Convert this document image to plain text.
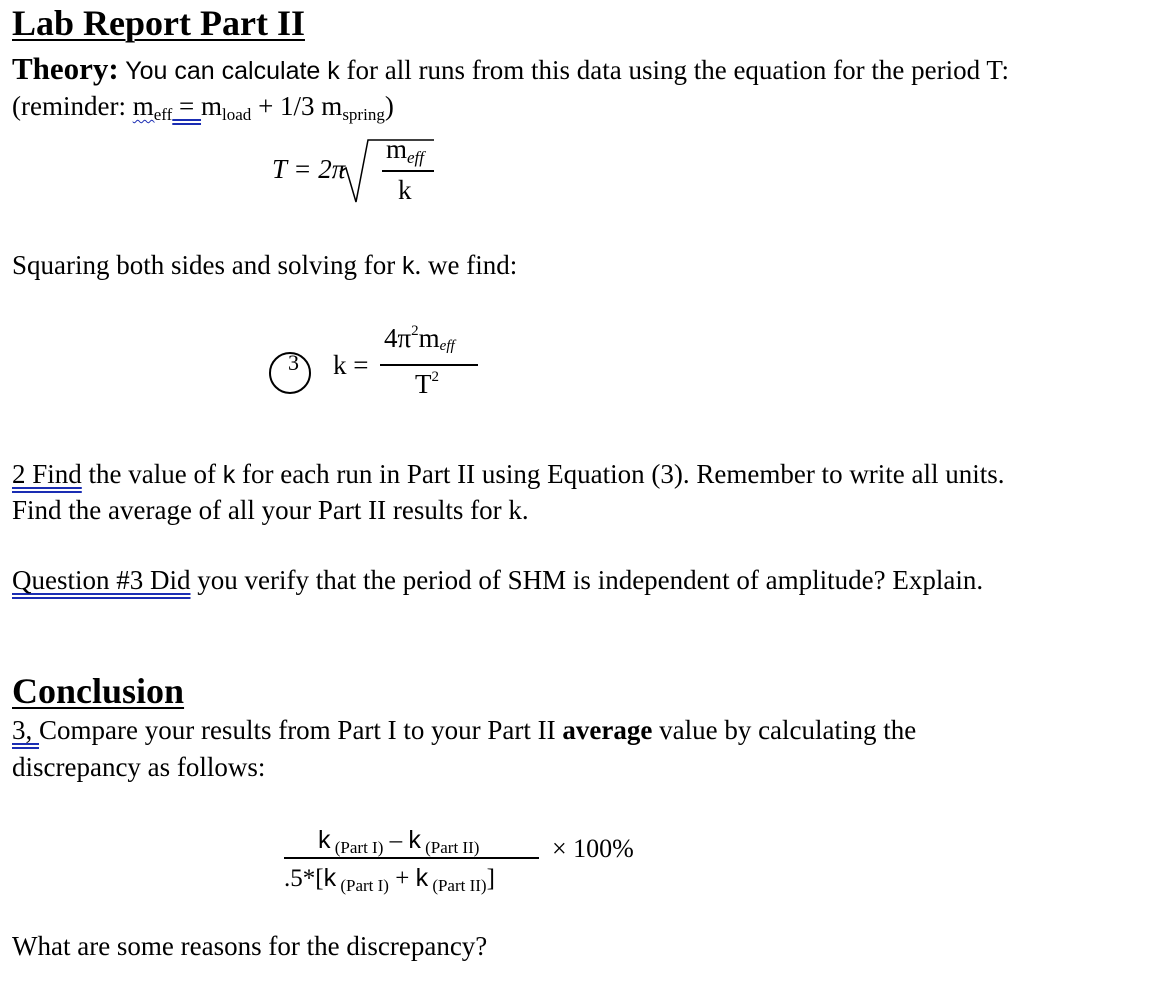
Lab Report Part II
Theory: You can calculate k for all runs from this data using the equation for the period T:
(reminder: $m_{eff} = m_{load} + 1/3$ $m_{spring}$)
T = 2π
$m_{eff}$
k
Squaring both sides and solving for k. we find:
3 k =
$4\pi^2meff$
$T^2$
2 Find the value of k for each run in Part II using Equation (3). Remember to write all units.
Find the average of all your Part II results for k.
Question #3 Did you verify that the period of SHM is independent of amplitude? Explain.
Conclusion
3, Compare your results from Part I to your Part II average value by calculating the
discrepancy as follows:
k $_{(Part I)}$ – k $_{(Part II)}$
.5*[k $_{(Part I)}$ + k $_{(Part II)}$]
× 100%
What are some reasons for the discrepancy?
